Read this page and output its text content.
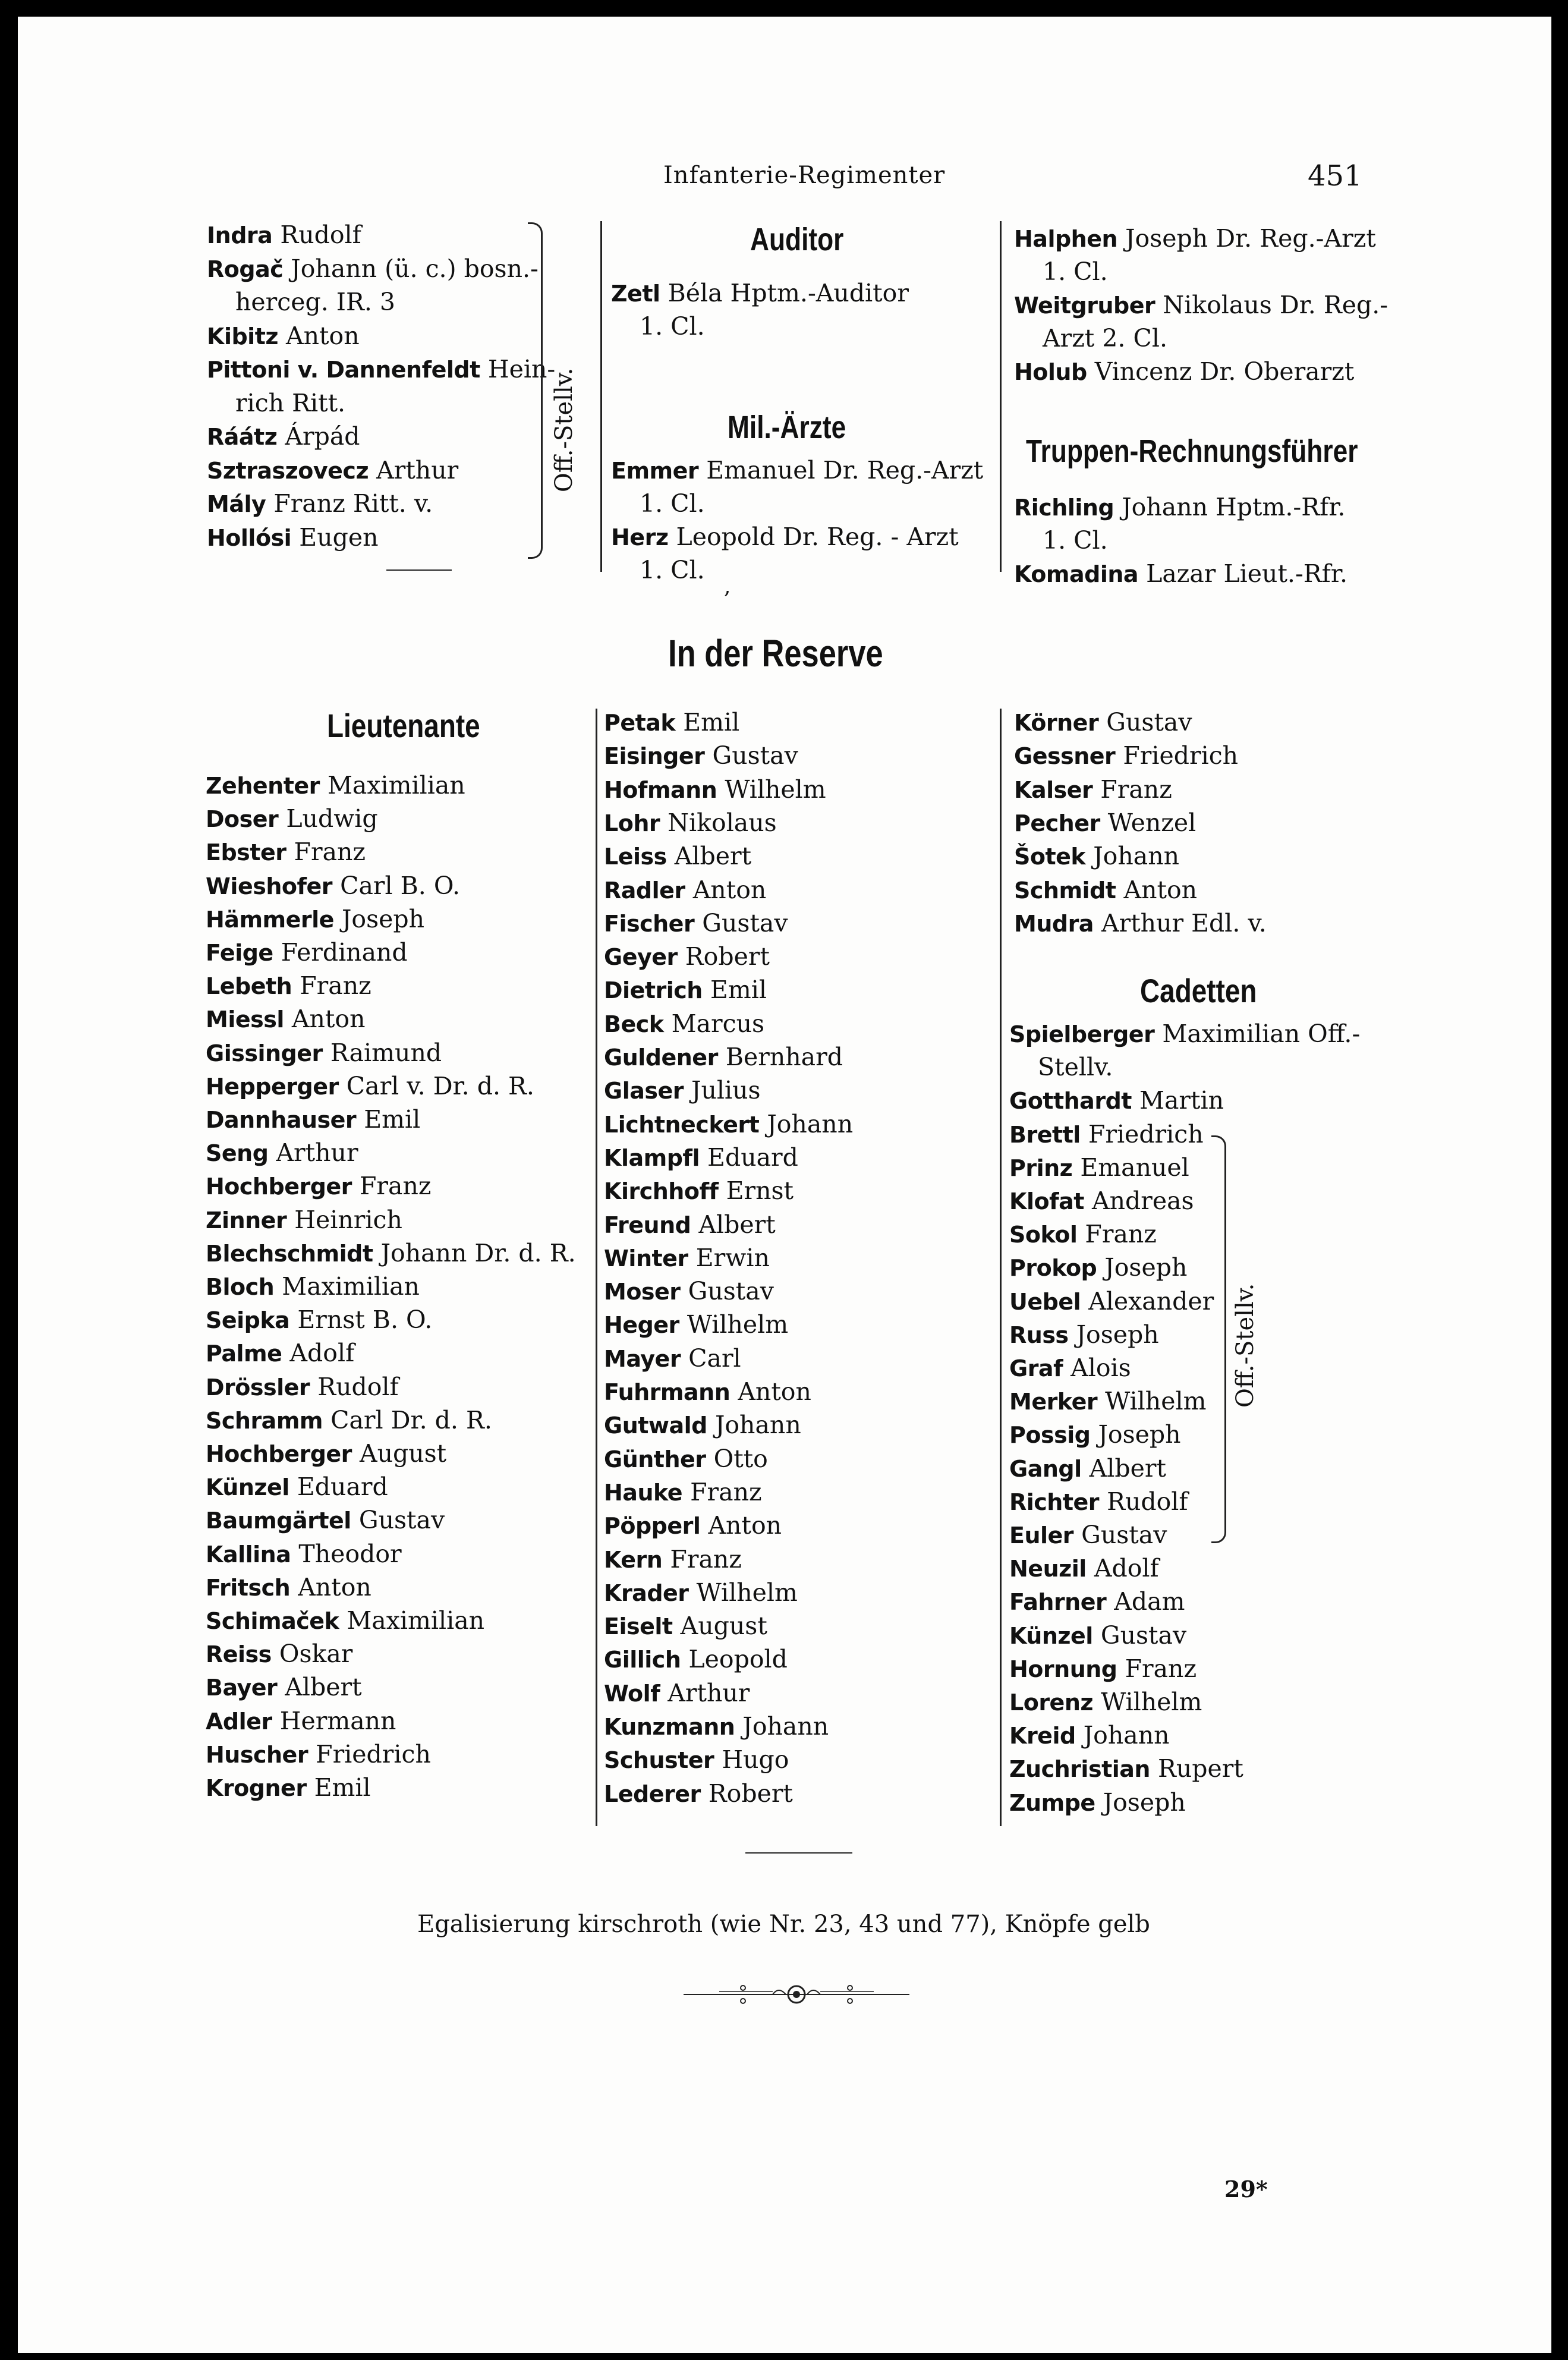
Infanterie-Regimenter	451
Indra Rudolf
Rogač Johann (ü. c.) bosn.-
herceg. IR. 3
Kibitz Anton
Pittoni v. Dannenfeldt Hein-
rich Ritt.
Ráátz Árpád
Sztraszovecz Arthur
Mály Franz Ritt. v.
Hollósi Eugen
Off.-Stellv.
Auditor
Zetl Béla Hptm.-Auditor
1. Cl.
Mil.-Ärzte
Emmer Emanuel Dr. Reg.-Arzt
1. Cl.
Herz Leopold Dr. Reg. - Arzt
1. Cl.
,
Halphen Joseph Dr. Reg.-Arzt
1. Cl.
Weitgruber Nikolaus Dr. Reg.-
Arzt 2. Cl.
Holub Vincenz Dr. Oberarzt
Truppen-Rechnungsführer
Richling Johann Hptm.-Rfr.
1. Cl.
Komadina Lazar Lieut.-Rfr.
In der Reserve
Lieutenante
Zehenter Maximilian
Doser Ludwig
Ebster Franz
Wieshofer Carl B. O.
Hämmerle Joseph
Feige Ferdinand
Lebeth Franz
Miessl Anton
Gissinger Raimund
Hepperger Carl v. Dr. d. R.
Dannhauser Emil
Seng Arthur
Hochberger Franz
Zinner Heinrich
Blechschmidt Johann Dr. d. R.
Bloch Maximilian
Seipka Ernst B. O.
Palme Adolf
Drössler Rudolf
Schramm Carl Dr. d. R.
Hochberger August
Künzel Eduard
Baumgärtel Gustav
Kallina Theodor
Fritsch Anton
Schimaček Maximilian
Reiss Oskar
Bayer Albert
Adler Hermann
Huscher Friedrich
Krogner Emil
Petak Emil
Eisinger Gustav
Hofmann Wilhelm
Lohr Nikolaus
Leiss Albert
Radler Anton
Fischer Gustav
Geyer Robert
Dietrich Emil
Beck Marcus
Guldener Bernhard
Glaser Julius
Lichtneckert Johann
Klampfl Eduard
Kirchhoff Ernst
Freund Albert
Winter Erwin
Moser Gustav
Heger Wilhelm
Mayer Carl
Fuhrmann Anton
Gutwald Johann
Günther Otto
Hauke Franz
Pöpperl Anton
Kern Franz
Krader Wilhelm
Eiselt August
Gillich Leopold
Wolf Arthur
Kunzmann Johann
Schuster Hugo
Lederer Robert
Körner Gustav
Gessner Friedrich
Kalser Franz
Pecher Wenzel
Šotek Johann
Schmidt Anton
Mudra Arthur Edl. v.
Cadetten
Spielberger Maximilian Off.-
Stellv.
Gotthardt Martin
Brettl Friedrich
Prinz Emanuel
Klofat Andreas
Sokol Franz
Prokop Joseph
Uebel Alexander
Russ Joseph
Graf Alois
Merker Wilhelm
Possig Joseph
Gangl Albert
Richter Rudolf
Euler Gustav
Neuzil Adolf
Fahrner Adam
Künzel Gustav
Hornung Franz
Lorenz Wilhelm
Kreid Johann
Zuchristian Rupert
Zumpe Joseph
Off.-Stellv.
Egalisierung kirschroth (wie Nr. 23, 43 und 77), Knöpfe gelb
29*
